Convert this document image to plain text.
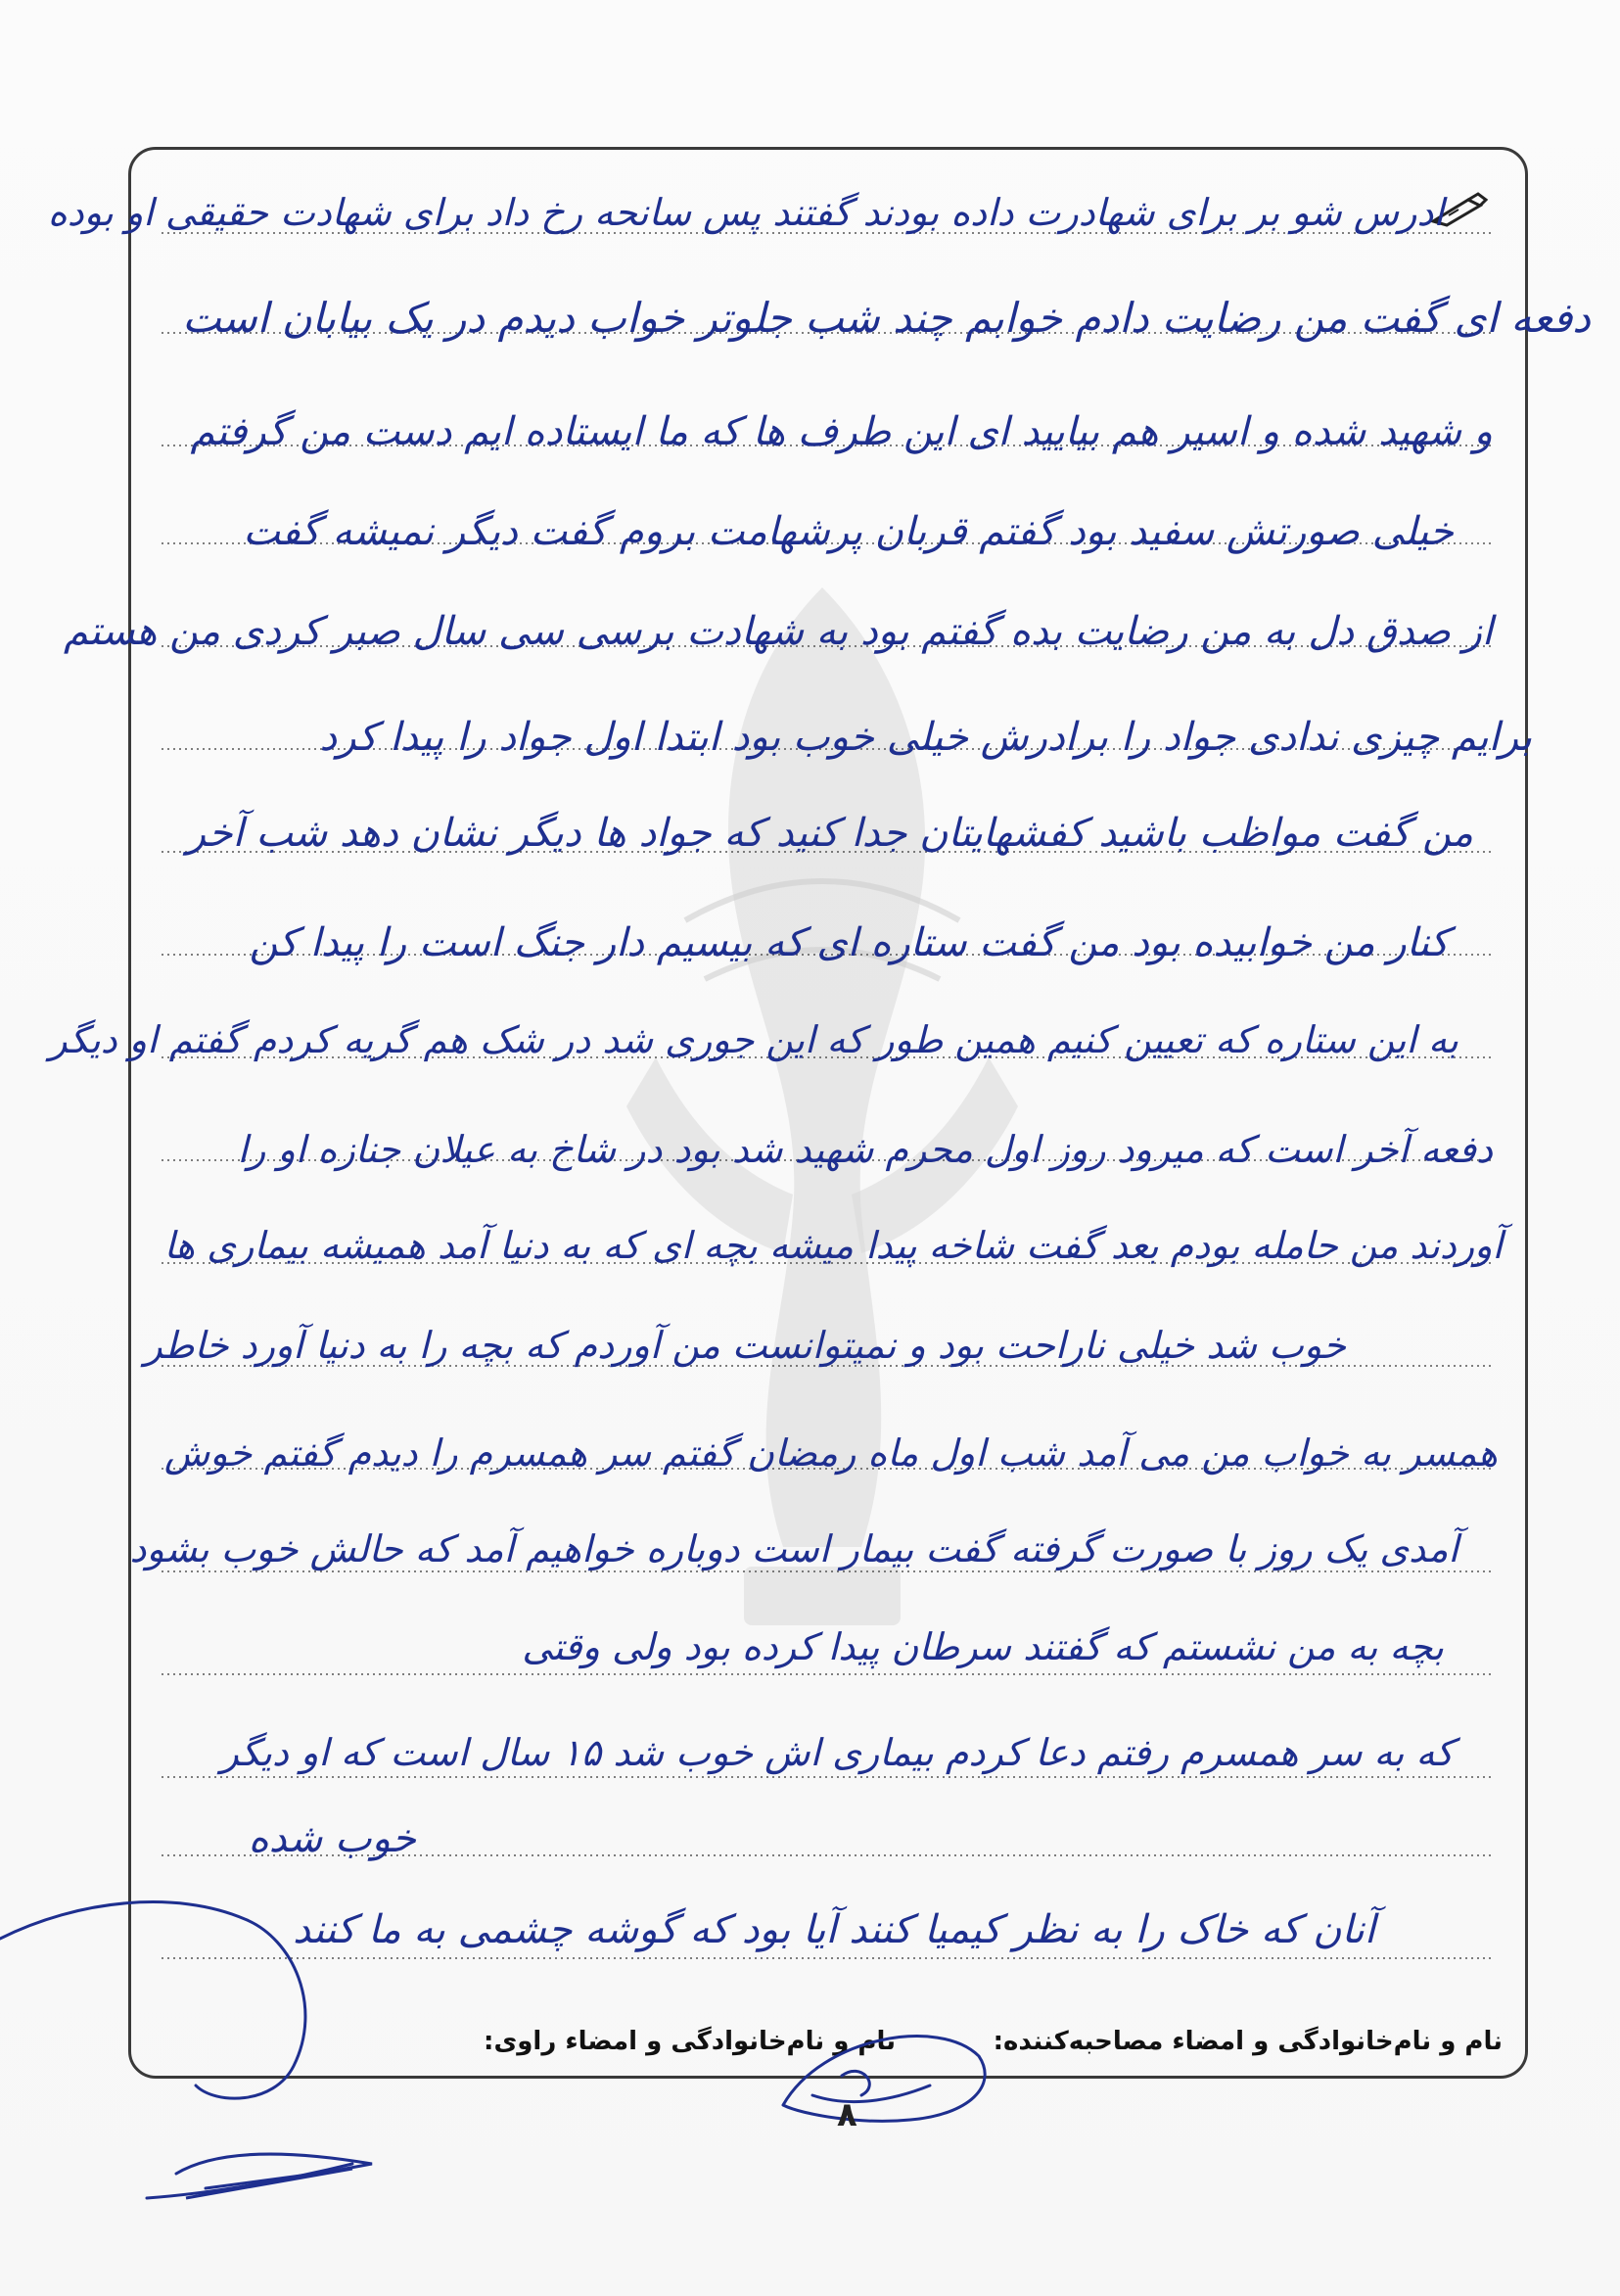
ادرس شو بر برای شهادرت داده بودند گفتند پس سانحه رخ داد برای شهادت حقیقی او بوده
دفعه ای گفت من رضایت دادم خوابم چند شب جلوتر خواب دیدم در یک بیابان است
و شهید شده و اسیر هم بیایید ای این طرف ها که ما ایستاده ایم دست من گرفتم
خیلی صورتش سفید بود گفتم قربان پرشهامت بروم گفت دیگر نمیشه گفت
از صدق دل به من رضایت بده گفتم بود به شهادت برسی سی سال صبر کردی من هستم
برایم چیزی ندادی جواد را برادرش خیلی خوب بود ابتدا اول جواد را پیدا کرد
من گفت مواظب باشید کفشهایتان جدا کنید که جواد ها دیگر نشان دهد شب آخر
کنار من خوابیده بود من گفت ستاره ای که بیسیم دار جنگ است را پیدا کن
به این ستاره که تعیین کنیم همین طور که این جوری شد در شک هم گریه کردم گفتم او دیگر
دفعه آخر است که میرود روز اول محرم شهید شد بود در شاخ به عیلان جنازه او را
آوردند من حامله بودم بعد گفت شاخه پیدا میشه بچه ای که به دنیا آمد همیشه بیماری ها
خوب شد خیلی ناراحت بود و نمیتوانست من آوردم که بچه را به دنیا آورد خاطر
همسر به خواب من می آمد شب اول ماه رمضان گفتم سر همسرم را دیدم گفتم خوش
آمدی یک روز با صورت گرفته گفت بیمار است دوباره خواهیم آمد که حالش خوب بشود
بچه به من نشستم که گفتند سرطان پیدا کرده بود ولی وقتی
که به سر همسرم رفتم دعا کردم بیماری اش خوب شد ۱۵ سال است که او دیگر
خوب شده
آنان که خاک را به نظر کیمیا کنند آیا بود که گوشه چشمی به ما کنند
نام و نام‌خانوادگی و امضاء مصاحبه‌کننده:
نام و نام‌خانوادگی و امضاء راوی:
۸
